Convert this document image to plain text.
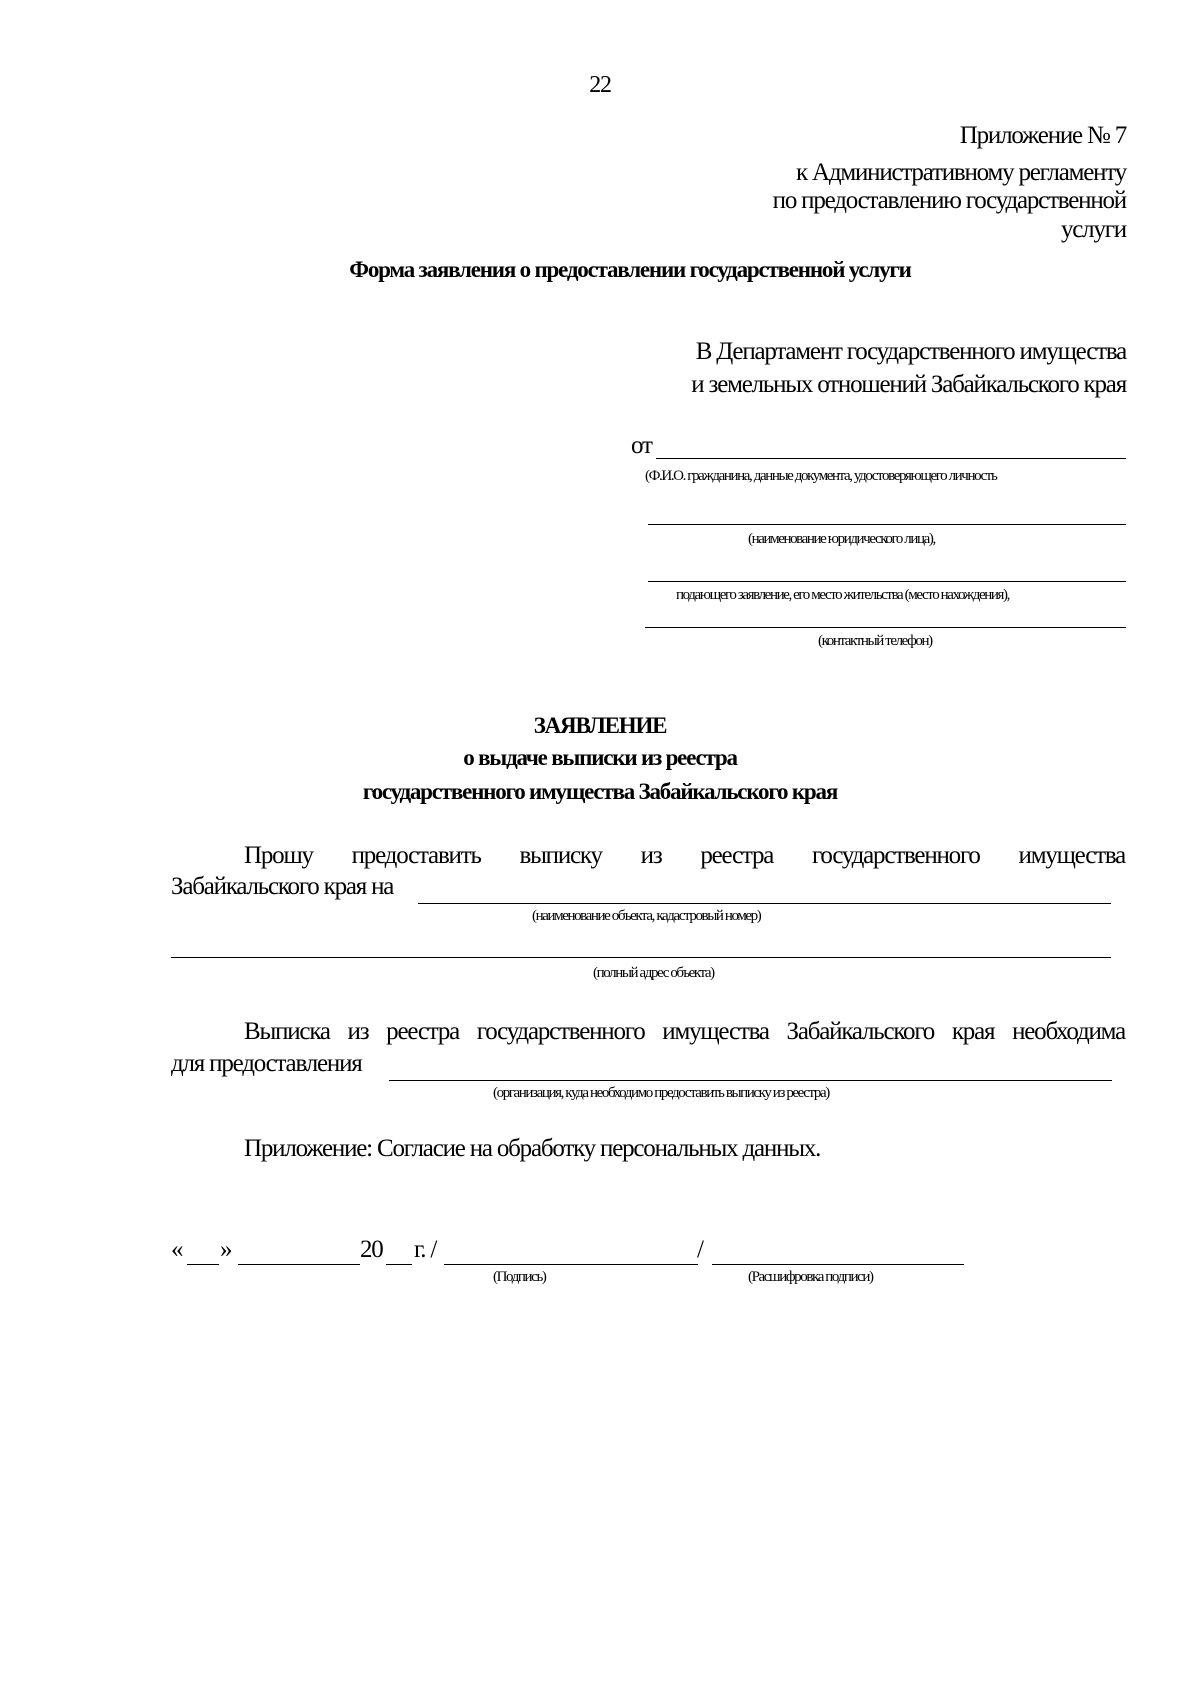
22
Приложение № 7
к Административному регламенту
по предоставлению государственной
услуги
Форма заявления о предоставлении государственной услуги
В Департамент государственного имущества
и земельных отношений Забайкальского края
от
(Ф.И.О. гражданина, данные документа, удостоверяющего личность
(наименование юридического лица),
подающего заявление, его место жительства (место нахождения),
(контактный телефон)
ЗАЯВЛЕНИЕ
о выдаче выписки из реестра
государственного имущества Забайкальского края
Прошу предоставить выписку из реестра государственного имущества
Забайкальского края на
(наименование объекта, кадастровый номер)
(полный адрес объекта)
Выписка из реестра государственного имущества Забайкальского края необходима
для предоставления
(организация, куда необходимо предоставить выписку из реестра)
Приложение: Согласие на обработку персональных данных.
« »	20 г. /	/
(Подпись)	(Расшифровка подписи)
